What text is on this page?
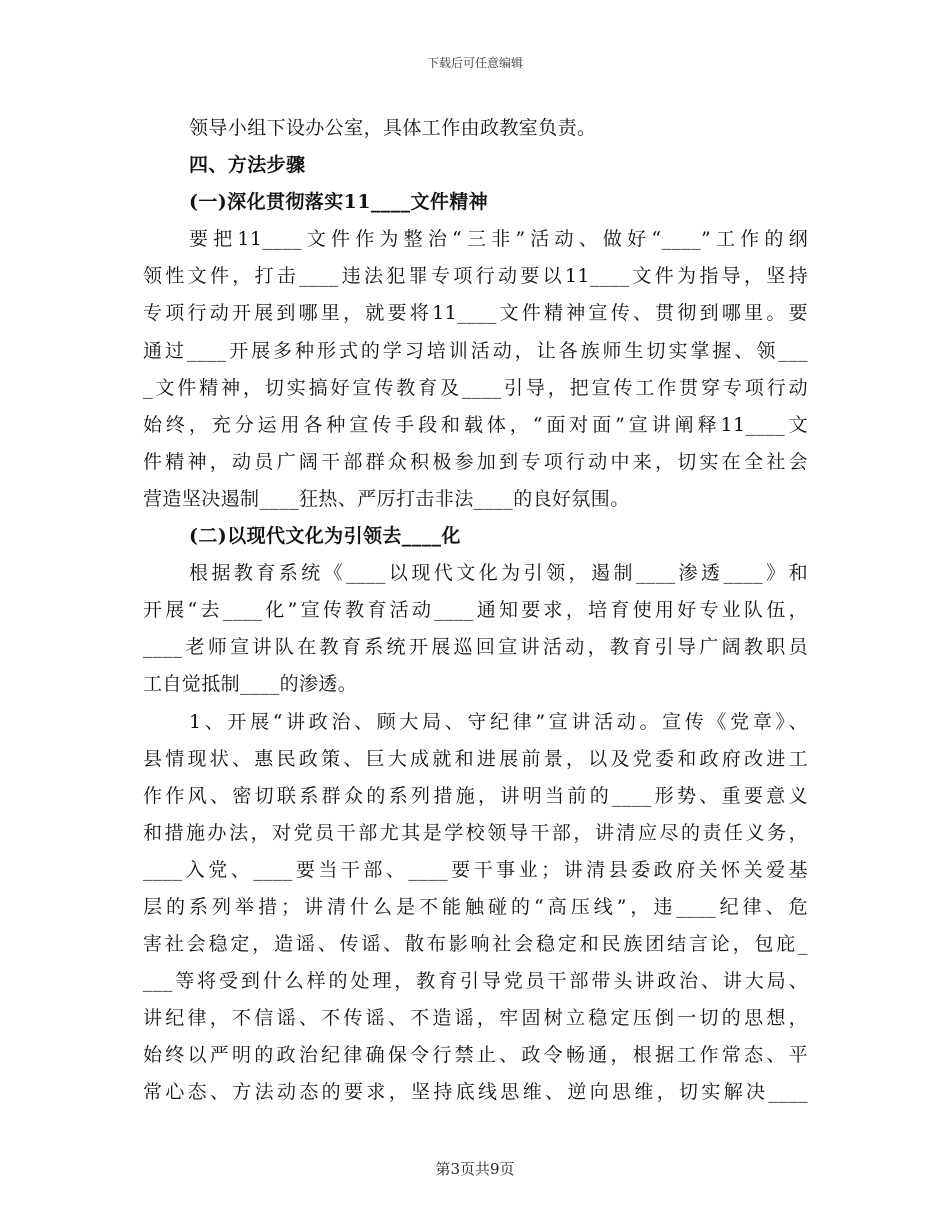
下载后可任意编辑
领导小组下设办公室，具体工作由政教室负责。
四、方法步骤
(一)深化贯彻落实11____文件精神
要把11____文件作为整治“三非”活动、做好“____”工作的纲
领性文件，打击____违法犯罪专项行动要以11____文件为指导，坚持
专项行动开展到哪里，就要将11____文件精神宣传、贯彻到哪里。要
通过____开展多种形式的学习培训活动，让各族师生切实掌握、领___
_文件精神，切实搞好宣传教育及____引导，把宣传工作贯穿专项行动
始终，充分运用各种宣传手段和载体，“面对面”宣讲阐释11____文
件精神，动员广阔干部群众积极参加到专项行动中来，切实在全社会
营造坚决遏制____狂热、严厉打击非法____的良好氛围。
(二)以现代文化为引领去____化
根据教育系统《____以现代文化为引领，遏制____渗透____》和
开展“去____化”宣传教育活动____通知要求，培育使用好专业队伍，
____老师宣讲队在教育系统开展巡回宣讲活动，教育引导广阔教职员
工自觉抵制____的渗透。
1、开展“讲政治、顾大局、守纪律”宣讲活动。宣传《党章》、
县情现状、惠民政策、巨大成就和进展前景，以及党委和政府改进工
作作风、密切联系群众的系列措施，讲明当前的____形势、重要意义
和措施办法，对党员干部尤其是学校领导干部，讲清应尽的责任义务，
____入党、____要当干部、____要干事业；讲清县委政府关怀关爱基
层的系列举措；讲清什么是不能触碰的“高压线”，违____纪律、危
害社会稳定，造谣、传谣、散布影响社会稳定和民族团结言论，包庇_
___等将受到什么样的处理，教育引导党员干部带头讲政治、讲大局、
讲纪律，不信谣、不传谣、不造谣，牢固树立稳定压倒一切的思想，
始终以严明的政治纪律确保令行禁止、政令畅通，根据工作常态、平
常心态、方法动态的要求，坚持底线思维、逆向思维，切实解决____
第3页共9页
